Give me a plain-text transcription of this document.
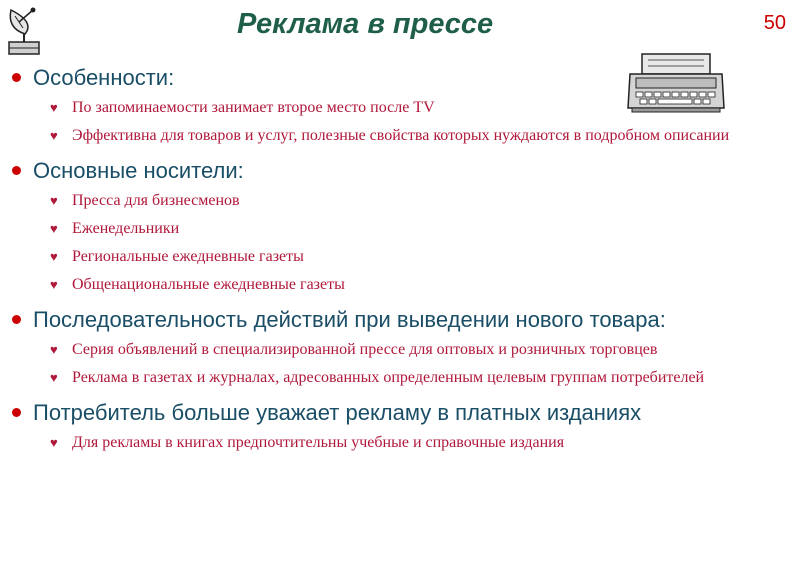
Реклама в прессе	50
Особенности:
♥ По запоминаемости занимает второе место после TV
♥ Эффективна для товаров и услуг, полезные свойства которых нуждаются в подробном описании
Основные носители:
♥ Пресса для бизнесменов
♥ Еженедельники
♥ Региональные ежедневные газеты
♥ Общенациональные ежедневные газеты
Последовательность действий при выведении нового товара:
♥ Серия объявлений в специализированной прессе для оптовых и розничных торговцев
♥ Реклама в газетах и журналах, адресованных определенным целевым группам потребителей
Потребитель больше уважает рекламу в платных изданиях
♥ Для рекламы в книгах предпочтительны учебные и справочные издания
